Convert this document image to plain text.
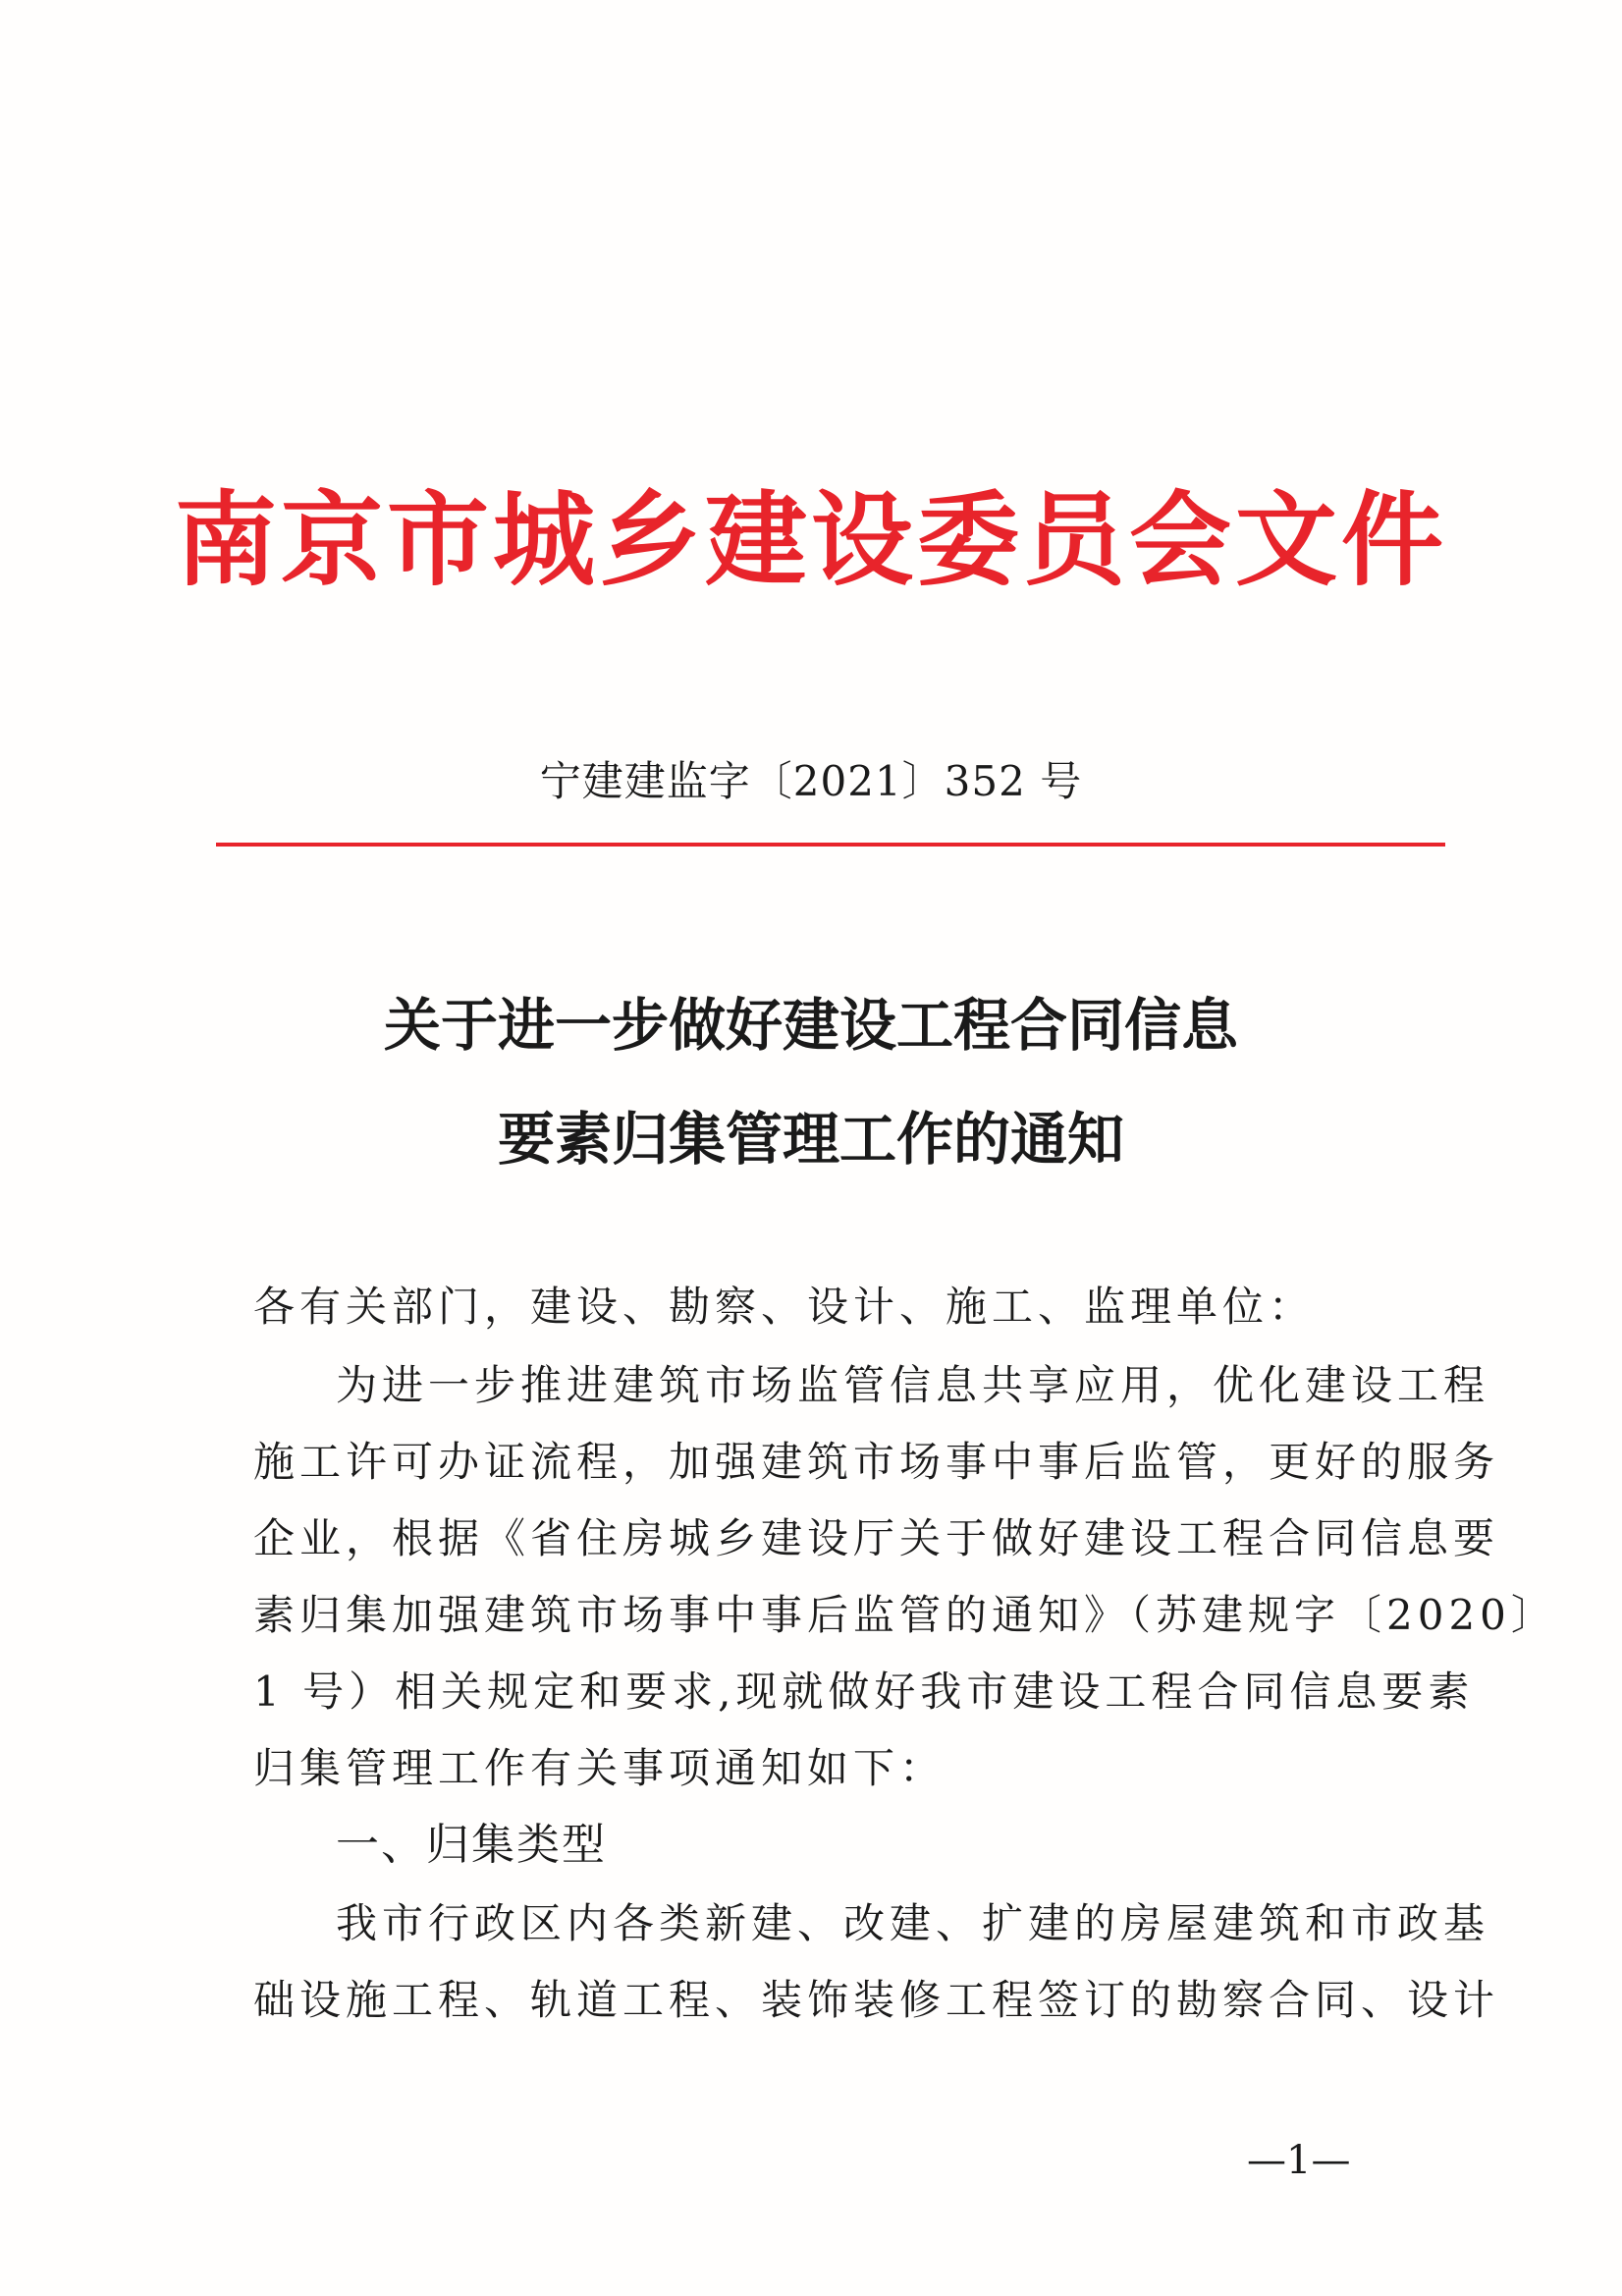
南京市城乡建设委员会文件
宁建建监字〔2021〕352 号
关于进一步做好建设工程合同信息
要素归集管理工作的通知
各有关部门，建设、勘察、设计、施工、监理单位：
为进一步推进建筑市场监管信息共享应用，优化建设工程
施工许可办证流程，加强建筑市场事中事后监管，更好的服务
企业，根据《省住房城乡建设厅关于做好建设工程合同信息要
素归集加强建筑市场事中事后监管的通知》（苏建规字〔2020〕
1 号）相关规定和要求,现就做好我市建设工程合同信息要素
归集管理工作有关事项通知如下：
一、归集类型
我市行政区内各类新建、改建、扩建的房屋建筑和市政基
础设施工程、轨道工程、装饰装修工程签订的勘察合同、设计
—1—
